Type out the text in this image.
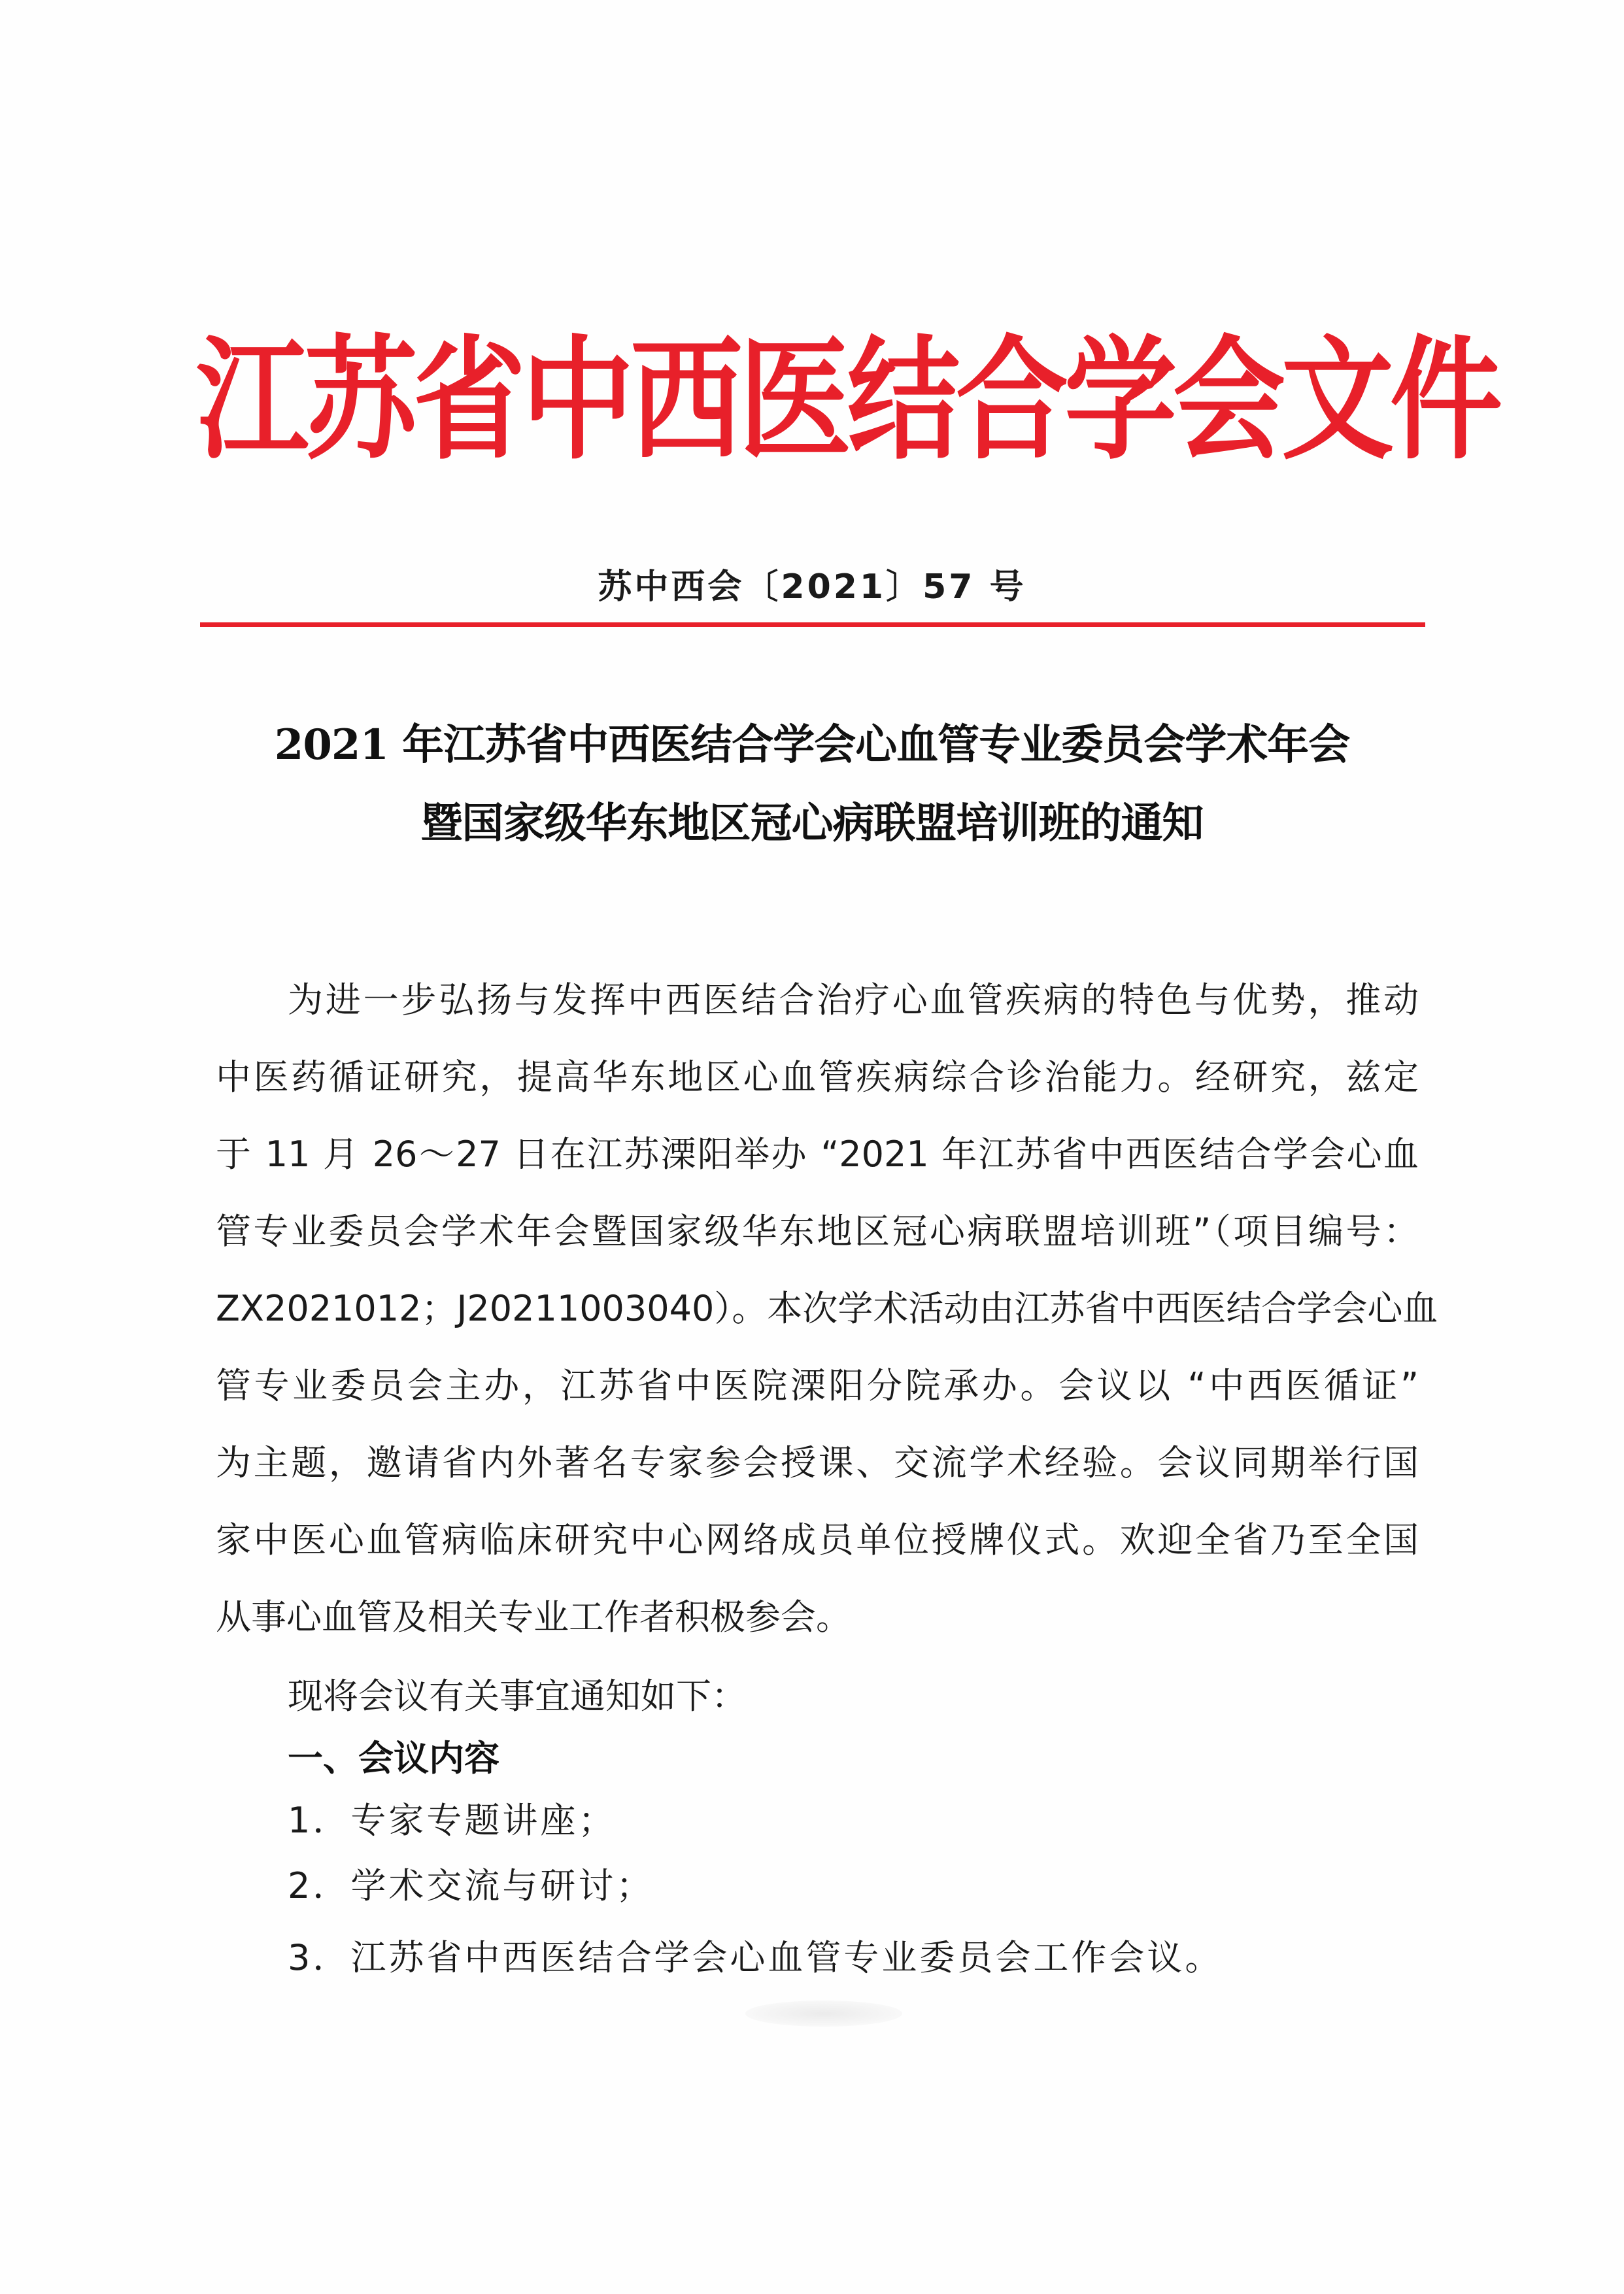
江苏省中西医结合学会文件
苏中西会〔2021〕57 号
2021 年江苏省中西医结合学会心血管专业委员会学术年会
暨国家级华东地区冠心病联盟培训班的通知
为进一步弘扬与发挥中西医结合治疗心血管疾病的特色与优势，推动
中医药循证研究，提高华东地区心血管疾病综合诊治能力。经研究，兹定
于 11 月 26～27 日在江苏溧阳举办 “2021 年江苏省中西医结合学会心血
管专业委员会学术年会暨国家级华东地区冠心病联盟培训班”（项目编号：
ZX2021012；J20211003040）。本次学术活动由江苏省中西医结合学会心血
管专业委员会主办，江苏省中医院溧阳分院承办。会议以 “中西医循证”
为主题，邀请省内外著名专家参会授课、交流学术经验。会议同期举行国
家中医心血管病临床研究中心网络成员单位授牌仪式。欢迎全省乃至全国
从事心血管及相关专业工作者积极参会。
现将会议有关事宜通知如下：
一、会议内容
1．专家专题讲座；
2．学术交流与研讨；
3．江苏省中西医结合学会心血管专业委员会工作会议。
